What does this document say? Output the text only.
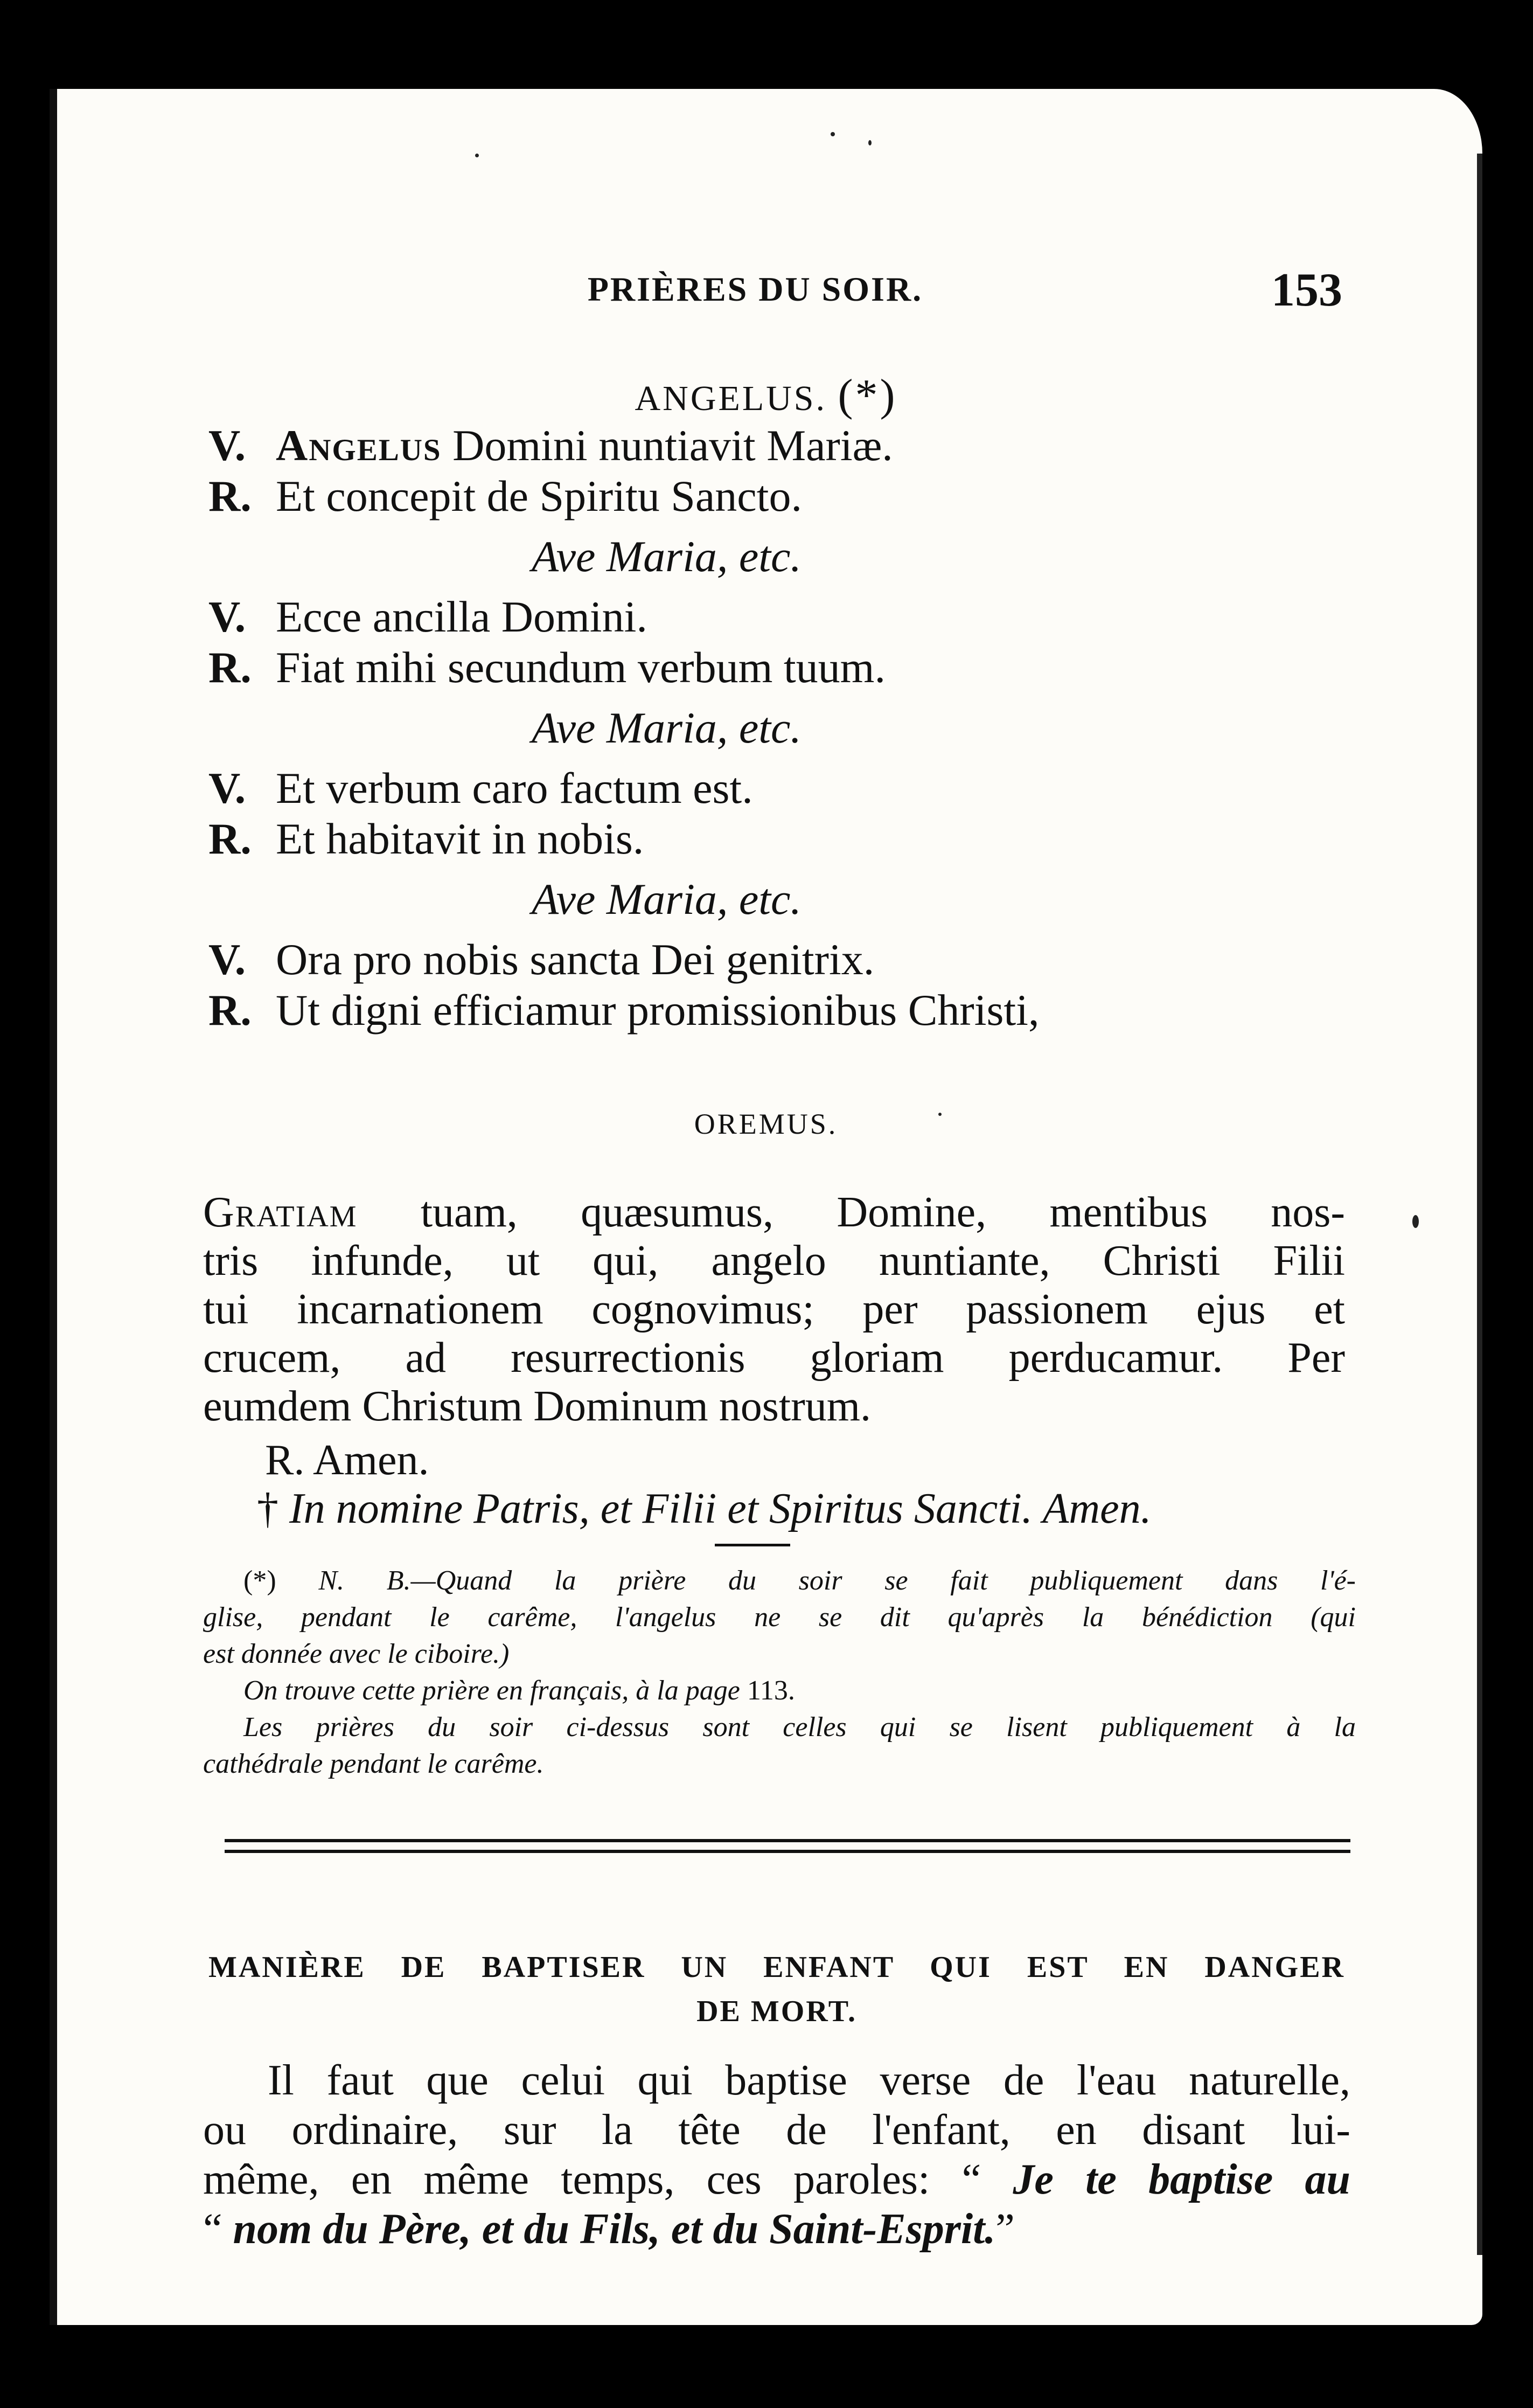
PRIÈRES DU SOIR.	153
ANGELUS. (*)
V. Angelus Domini nuntiavit Mariæ.
R. Et concepit de Spiritu Sancto.
Ave Maria, etc.
V. Ecce ancilla Domini.
R. Fiat mihi secundum verbum tuum.
Ave Maria, etc.
V. Et verbum caro factum est.
R. Et habitavit in nobis.
Ave Maria, etc.
V. Ora pro nobis sancta Dei genitrix.
R. Ut digni efficiamur promissionibus Christi,
OREMUS.
Gratiam tuam, quæsumus, Domine, mentibus nos-
tris infunde, ut qui, angelo nuntiante, Christi Filii
tui incarnationem cognovimus; per passionem ejus et
crucem, ad resurrectionis gloriam perducamur. Per
eumdem Christum Dominum nostrum.
R. Amen.
† In nomine Patris, et Filii et Spiritus Sancti. Amen.
(*) N. B.—Quand la prière du soir se fait publiquement dans l'é-
glise, pendant le carême, l'angelus ne se dit qu'après la bénédiction (qui
est donnée avec le ciboire.)
On trouve cette prière en français, à la page 113.
Les prières du soir ci-dessus sont celles qui se lisent publiquement à la
cathédrale pendant le carême.
MANIÈRE DE BAPTISER UN ENFANT QUI EST EN DANGER
DE MORT.
Il faut que celui qui baptise verse de l'eau naturelle,
ou ordinaire, sur la tête de l'enfant, en disant lui-
même, en même temps, ces paroles: “ Je te baptise au
“ nom du Père, et du Fils, et du Saint-Esprit.”
